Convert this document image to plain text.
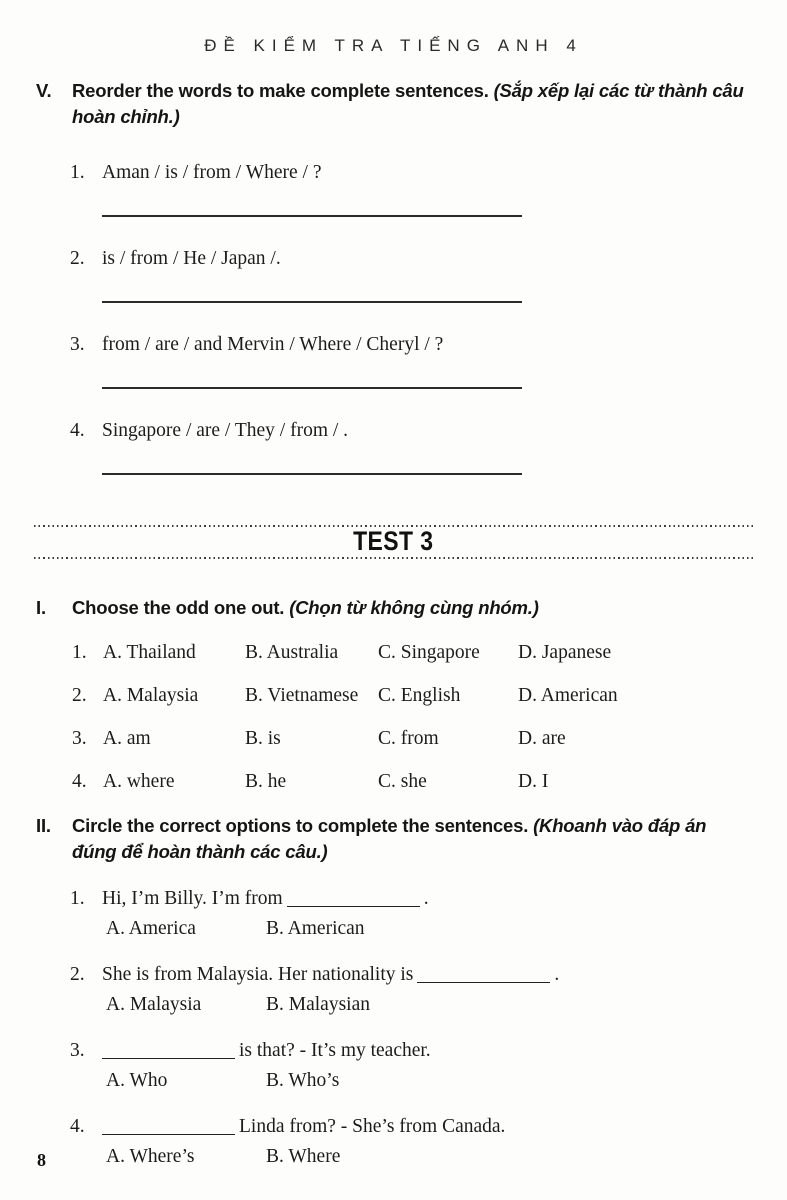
ĐỀ KIỂM TRA TIẾNG ANH 4
V.	Reorder the words to make complete sentences. (Sắp xếp lại các từ thành câu hoàn chỉnh.)
1. Aman / is / from / Where / ?
2. is / from / He / Japan /.
3. from / are / and Mervin / Where / Cheryl / ?
4. Singapore / are / They / from / .
TEST 3
I.	Choose the odd one out. (Chọn từ không cùng nhóm.)
1. A. Thailand	B. Australia	C. Singapore	D. Japanese
2. A. Malaysia	B. Vietnamese	C. English	D. American
3. A. am	B. is	C. from	D. are
4. A. where	B. he	C. she	D. I
II.	Circle the correct options to complete the sentences. (Khoanh vào đáp án đúng để hoàn thành các câu.)
1. Hi, I’m Billy. I’m from	.
A. America	B. American
2. She is from Malaysia. Her nationality is	.
A. Malaysia	B. Malaysian
3.	is that? - It’s my teacher.
A. Who	B. Who’s
4.	Linda from? - She’s from Canada.
A. Where’s	B. Where
8
